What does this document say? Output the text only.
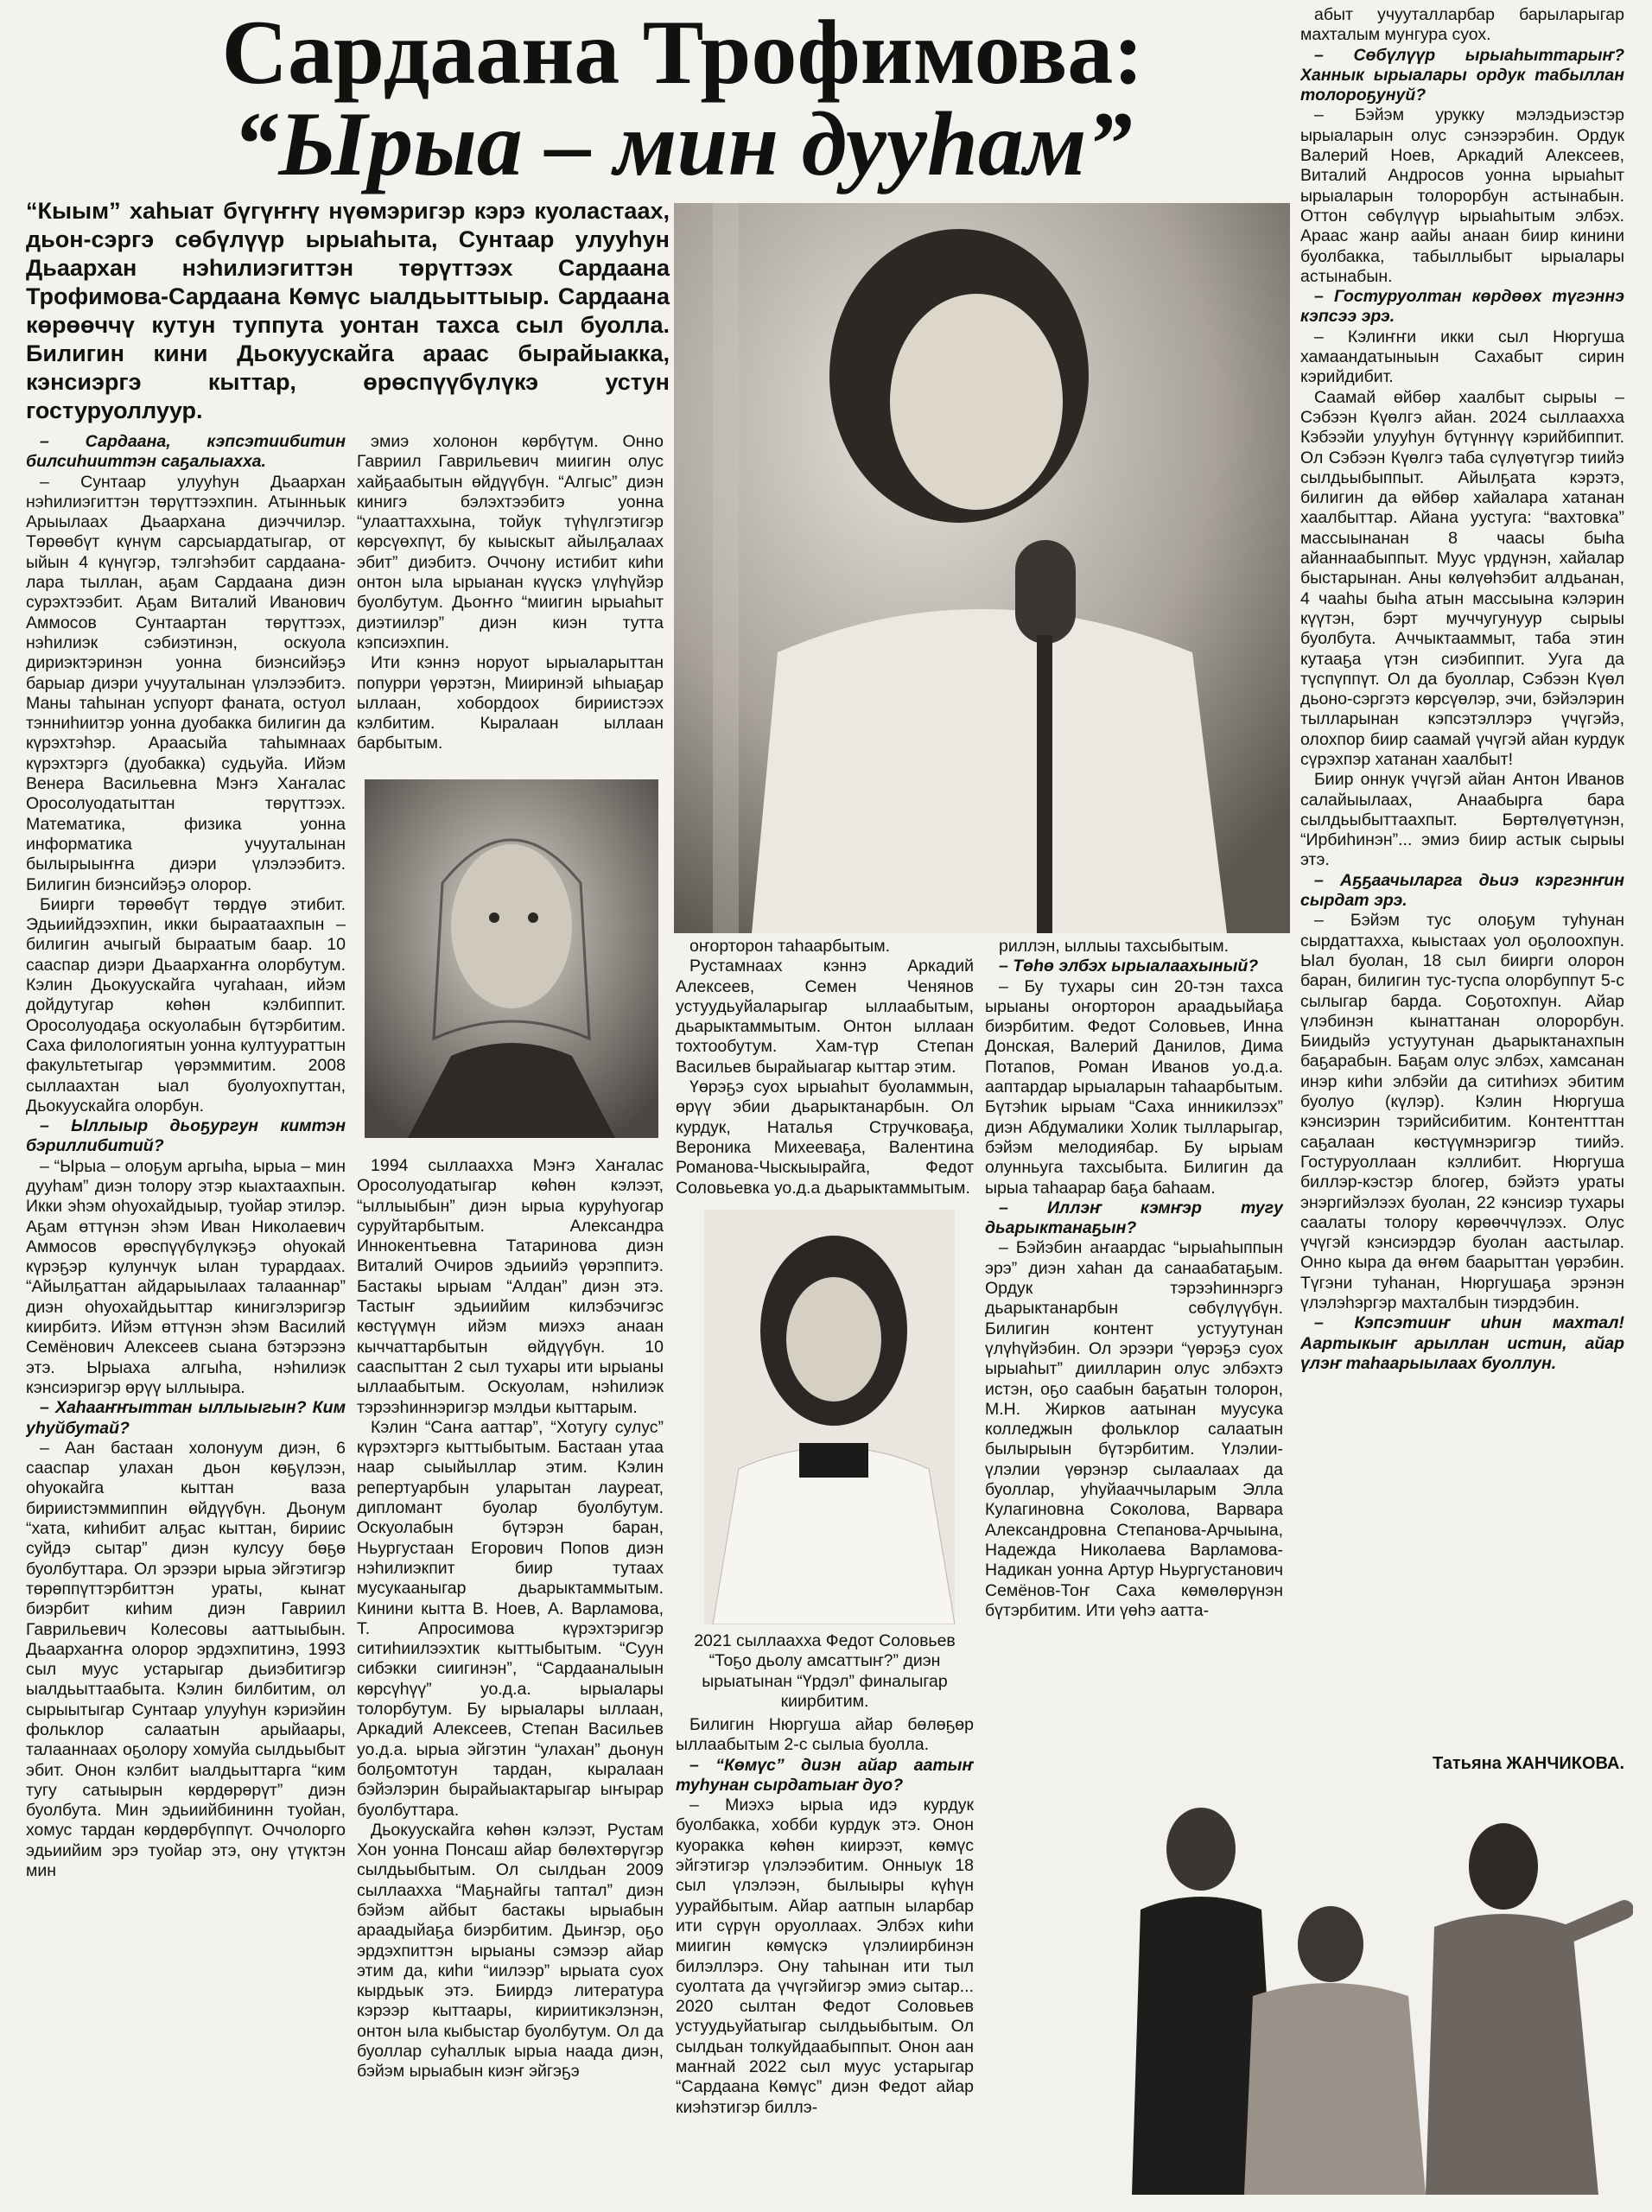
Сардаана Трофимова:
“Ырыа – мин дууһам”
“Кыым” хаһыат бүгүҥҥү нүөмэригэр кэрэ куоластаах, дьон-сэргэ сөбүлүүр ырыаһыта, Сунтаар улууһун Дьаархан нэһилиэгиттэн төрүттээх Сардаана Трофимова-Сардаана Көмүс ыалдьыттыыр. Сардаана көрөөччү кутун туппута уонтан тахса сыл буолла. Билигин кини Дьокуускайга араас бырайыакка, кэнсиэргэ кыттар, өрөспүүбүлүкэ устун гостуруоллуур.

– Сардаана, кэпсэтиибитин билсиһииттэн саҕалыахха.

– Сунтаар улууһун Дьаархан нэһилиэгиттэн төрүттээхпин. Атынньык Арыылаах Дьаархана диэччилэр. Төрөөбүт күнүм сарсыардатыгар, от ыйын 4 күнүгэр, тэлгэһэбит сардааналара тыллан, аҕам Сардаана диэн сурэхтээбит. Аҕам Виталий Иванович Аммосов Сунтаартан төрүттээх, нэһилиэк сэбиэтинэн, оскуола дириэктэринэн уонна биэнсийэҕэ барыар диэри учууталынан үлэлээбитэ. Маны таһынан успуорт фаната, остуол тэнниһиитэр уонна дуобакка билигин да күрэхтэһэр. Араасыйа таһымнаах күрэхтэргэ (дуобакка) судьуйа. Ийэм Венера Васильевна Мэҥэ Хаҥалас Оросолуодатыттан төрүттээх. Математика, физика уонна информатика учууталынан былырыыҥҥа диэри үлэлээбитэ. Билигин биэнсийэҕэ олорор.

Биирги төрөөбүт төрдүө этибит. Эдьиийдээхпин, икки быраатаахпын – билигин ачыгый быраатым баар. 10 сааспар диэри Дьаархаҥҥа олорбутум. Кэлин Дьокуускайга чугаһаан, ийэм дойдутугар көһөн кэлбиппит. Оросолуодаҕа оскуолабын бүтэрбитим. Саха филологиятын уонна култуураттын факультетыгар үөрэммитим. 2008 сыллаахтан ыал буолуохпуттан, Дьокуускайга олорбун.

– Ыллыыр дьоҕургун кимтэн бэриллибитий?

– “Ырыа – олоҕум аргыһа, ырыа – мин дууһам” диэн толору этэр кыахтаахпын. Икки эһэм оһуохайдыыр, туойар этилэр. Аҕам өттүнэн эһэм Иван Николаевич Аммосов өрөспүүбүлүкэҕэ оһуокай күрэҕэр кулунчук ылан турардаах. “Айылҕаттан айдарыылаах талааннар” диэн оһуохайдьыттар кинигэлэригэр киирбитэ. Ийэм өттүнэн эһэм Василий Семёнович Алексеев сыана бэтэрээнэ этэ. Ырыаха алгыһа, нэһилиэк кэнсиэригэр өрүү ыллыыра.

– Хаһааҥҥыттан ыллыыгын? Ким уһуйбутай?

– Аан бастаан холонуум диэн, 6 сааспар улахан дьон көҕүлээн, оһуокайга кыттан ваза бириистэммиппин өйдүүбүн. Дьонум “хата, киһибит алҕас кыттан, бириис суйдэ сытар” диэн кулсуу бөҕө буолбуттара. Ол эрээри ырыа эйгэтигэр төрөппүттэрбиттэн ураты, кынат биэрбит киһим диэн Гавриил Гаврильевич Колесовы ааттыыбын. Дьаархаҥҥа олорор эрдэхпитинэ, 1993 сыл муус устарыгар дьиэбитигэр ыалдьыттаабыта. Кэлин билбитим, ол сырыытыгар Сунтаар улууһун кэриэйин фольклор салаатын арыйаары, талааннаах оҕолору хомуйа сылдьыбыт эбит. Онон кэлбит ыалдьыттарга “ким тугу сатыырын көрдөрөрүт” диэн буолбута. Мин эдьиийбининн туойан, хомус тардан көрдөрбүппүт. Оччолорго эдьиийим эрэ туойар этэ, ону үтүктэн мин

эмиэ холонон көрбүтүм. Онно Гавриил Гаврильевич миигин олус хайҕаабытын өйдүүбүн. “Алгыс” диэн кинигэ бэлэхтээбитэ уонна “улааттаххына, тойук түһүлгэтигэр көрсүөхпүт, бу кыыскыт айылҕалаах эбит” диэбитэ. Оччону истибит киһи онтон ыла ырыанан күүскэ үлүһүйэр буолбутум. Дьоҥҥо “миигин ырыаһыт диэтиилэр” диэн киэн тутта кэпсиэхпин.

Ити кэннэ норуот ырыаларыттан попурри үөрэтэн, Мииринэй ыһыаҕар ыллаан, хобордоох бириистээх кэлбитим. Кыралаан ыллаан барбытым.

1994 сыллаахха Мэҥэ Хаҥалас Оросолуодатыгар көһөн кэлээт, “ыллыыбын” диэн ырыа куруһуогар суруйтарбытым. Александра Иннокентьевна Татаринова диэн Виталий Очиров эдьиийэ үөрэппитэ. Бастакы ырыам “Алдан” диэн этэ. Тастыҥ эдьиийим килэбэчигэс көстүүмүн ийэм миэхэ анаан кыччаттарбытын өйдүүбүн. 10 сааспыттан 2 сыл тухары ити ырыаны ыллаабытым. Оскуолам, нэһилиэк тэрээһиннэригэр мэлдьи кыттарым.

Кэлин “Саҥа ааттар”, “Хотугу сулус” күрэхтэргэ кыттыбытым. Бастаан утаа наар сыыйыллар этим. Кэлин репертуарбын уларытан лауреат, дипломант буолар буолбутум. Оскуолабын бүтэрэн баран, Ньургустаан Егорович Попов диэн нэһилиэкпит биир тутаах мусукааныгар дьарыктаммытым. Кинини кытта В. Ноев, А. Варламова, Т. Апросимова күрэхтэригэр ситиһиилээхтик кыттыбытым. “Суун сибэкки сиигинэн”, “Сардааналыын көрсүһүү” уо.д.а. ырыалары толорбутум. Бу ырыалары ыллаан, Аркадий Алексеев, Степан Васильев уо.д.а. ырыа эйгэтин “улахан” дьонун болҕомтотун тардан, кыралаан бэйэлэрин бырайыактарыгар ыҥырар буолбуттара.

Дьокуускайга көһөн кэлээт, Рустам Хон уонна Понсаш айар бөлөхтөрүгэр сылдьыбытым. Ол сылдьан 2009 сыллаахха “Маҕнайгы таптал” диэн бэйэм айбыт бастакы ырыабын араадыйаҕа биэрбитим. Дьиҥэр, оҕо эрдэхпиттэн ырыаны сэмээр айар этим да, киһи “иилээр” ырыата суох кырдьык этэ. Биирдэ литература кэрээр кыттаары, кириитикэлэнэн, онтон ыла кыбыстар буолбутум. Ол да буоллар суһаллык ырыа наада диэн, бэйэм ырыабын киэҥ эйгэҕэ

оҥорторон таһаарбытым.

Рустамнаах кэннэ Аркадий Алексеев, Семен Ченянов устуудьуйаларыгар ыллаабытым, дьарыктаммытым. Онтон ыллаан тохтообутум. Хам-түр Степан Васильев бырайыагар кыттар этим.

Үөрэҕэ суох ырыаһыт буоламмын, өрүү эбии дьарыктанарбын. Ол курдук, Наталья Стручковаҕа, Вероника Михееваҕа, Валентина Романова-Чыскыырайга, Федот Соловьевка уо.д.а дьарыктаммытым.

2021 сыллаахха Федот Соловьев “Тоҕо дьолу амсаттыҥ?” диэн ырыатынан “Үрдэл” финалыгар киирбитим.

Билигин Нюргуша айар бөлөҕөр ыллаабытым 2-с сылыа буолла.

– “Көмүс” диэн айар аатыҥ туһунан сырдатыаҥ дуо?

– Миэхэ ырыа идэ курдук буолбакка, хобби курдук этэ. Онон куоракка көһөн киирээт, көмүс эйгэтигэр үлэлээбитим. Онныук 18 сыл үлэлээн, былыыры күһүн уурайбытым. Айар аатпын ыларбар ити сүрүн оруоллаах. Элбэх киһи миигин көмүскэ үлэлиирбинэн билэллэрэ. Ону таһынан ити тыл суолтата да үчүгэйигэр эмиэ сытар... 2020 сылтан Федот Соловьев устуудьуйатыгар сылдьыбытым. Ол сылдьан толкуйдаабыппыт. Онон аан маҥнай 2022 сыл муус устарыгар “Сардаана Көмүс” диэн Федот айар киэһэтигэр биллэ-

риллэн, ыллыы тахсыбытым.

– Төһө элбэх ырыалаахыный?

– Бу тухары син 20-тэн тахса ырыаны оҥорторон араадьыйаҕа биэрбитим. Федот Соловьев, Инна Донская, Валерий Данилов, Дима Потапов, Роман Иванов уо.д.а. ааптардар ырыаларын таһаарбытым. Бүтэһик ырыам “Саха инникилээх” диэн Абдумалики Холик тылларыгар, бэйэм мелодиябар. Бу ырыам олунньуга тахсыбыта. Билигин да ырыа таһаарар баҕа баһаам.

– Иллэҥ кэмҥэр тугу дьарыктанаҕын?

– Бэйэбин аҥаардас “ырыаһыппын эрэ” диэн хаһан да санаабатаҕым. Ордук тэрээһиннэргэ дьарыктанарбын сөбүлүүбүн. Билигин контент устуутунан үлүһүйэбин. Ол эрээри “үөрэҕэ суох ырыаһыт” диилларин олус элбэхтэ истэн, оҕо саабын баҕатын толорон, М.Н. Жирков аатынан муусука колледжын фольклор салаатын былырыын бүтэрбитим. Үлэлии-үлэлии үөрэнэр сылаалаах да буоллар, уһуйааччыларым Элла Кулагиновна Соколова, Варвара Александровна Степанова-Арчыына, Надежда Николаева Варламова-Надикан уонна Артур Ньургустанович Семёнов-Тоҥ Саха көмөлөрүнэн бүтэрбитим. Ити үөһэ аатта-

абыт учууталларбар барыларыгар махталым мунгура суох.

– Сөбүлүүр ырыаһыттарыҥ? Ханнык ырыалары ордук табыллан толороҕунуй?

– Бэйэм урукку мэлэдьиэстэр ырыаларын олус сэнээрэбин. Ордук Валерий Ноев, Аркадий Алексеев, Виталий Андросов уонна ырыаһыт ырыаларын толорорбун астынабын. Оттон сөбүлүүр ырыаһытым элбэх. Араас жанр аайы анаан биир кинини буолбакка, табыллыбыт ырыалары астынабын.

– Гостуруолтан көрдөөх түгэннэ кэпсээ эрэ.

– Кэлиҥҥи икки сыл Нюргуша хамаандатыныын Сахабыт сирин кэрийдибит.

Саамай өйбөр хаалбыт сырыы – Сэбээн Күөлгэ айан. 2024 сыллаахха Кэбээйи улууһун бүтүннүү кэрийбиппит. Ол Сэбээн Күөлгэ таба сүлүөтүгэр тиийэ сылдьыбыппыт. Айылҕата кэрэтэ, билигин да өйбөр хайалара хатанан хаалбыттар. Айана уустуга: “вахтовка” массыынанан 8 чаасы быһа айаннаабыппыт. Муус үрдүнэн, хайалар быстарынан. Аны көлүөһэбит алдьанан, 4 чааһы быһа атын массыына кэлэрин күүтэн, бэрт муччугунуур сырыы буолбута. Аччыктааммыт, таба этин кутааҕа үтэн сиэбиппит. Ууга да түспүппүт. Ол да буоллар, Сэбээн Күөл дьоно-сэргэтэ көрсүөлэр, эчи, бэйэлэрин тылларынан кэпсэтэллэрэ үчүгэйэ, олохпор биир саамай үчүгэй айан курдук сүрэхпэр хатанан хаалбыт!

Биир оннук үчүгэй айан Антон Иванов салайыылаах, Анаабырга бара сылдьыбыттаахпыт. Бөртөлүөтүнэн, “Ирбиһинэн”... эмиэ биир астык сырыы этэ.

– Аҕҕаачыларга дьиэ кэргэнҥин сырдат эрэ.

– Бэйэм тус олоҕум туһунан сырдаттахха, кыыстаах уол оҕолоохпун. Ыал буолан, 18 сыл биирги олорон баран, билигин тус-туспа олорбуппут 5-с сылыгар барда. Соҕотохпун. Айар үлэбинэн кынаттанан олорорбун. Биидыйэ устуутунан дьарыктанахпын баҕарабын. Баҕам олус элбэх, хамсанан инэр киһи элбэйи да ситиһиэх эбитим буолуо (күлэр). Кэлин Нюргуша кэнсиэрин тэрийсибитим. Контентттан саҕалаан көстүүмнэригэр тиийэ. Гостуруоллаан кэллибит. Нюргуша биллэр-кэстэр блогер, бэйэтэ ураты энэргийэлээх буолан, 22 кэнсиэр тухары саалаты толору көрөөччүлээх. Олус үчүгэй кэнсиэрдэр буолан аастылар. Онно кыра да өҥөм баарыттан үөрэбин. Түгэни туһанан, Нюргушаҕа эрэнэн үлэлэһэргэр махталбын тиэрдэбин.

– Кэпсэтииҥ иһин махтал! Аартыкыҥ арыллан истин, айар үлэҥ таһаарыылаах буоллун.

Татьяна ЖАНЧИКОВА.
